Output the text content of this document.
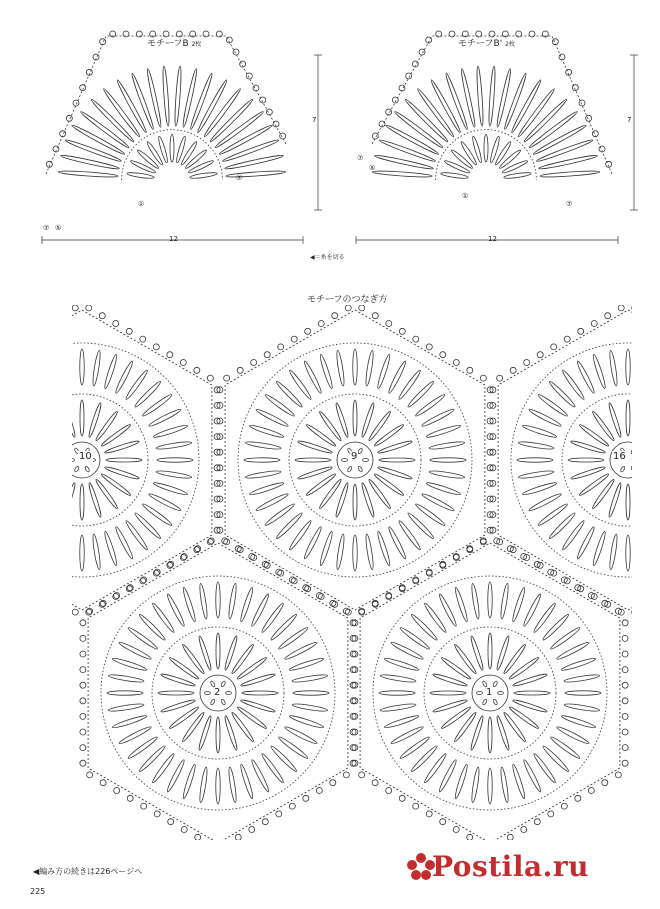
モチーフB 2枚
12
7
⑦ ⑤
①
⑦
モチーフB' 2枚
12
7
⑦
⑤
①
⑦
◀＝糸を切る
モチーフのつなぎ方
10	9	16
2	1
◀編み方の続きは226ページへ
225
Postila.ru
